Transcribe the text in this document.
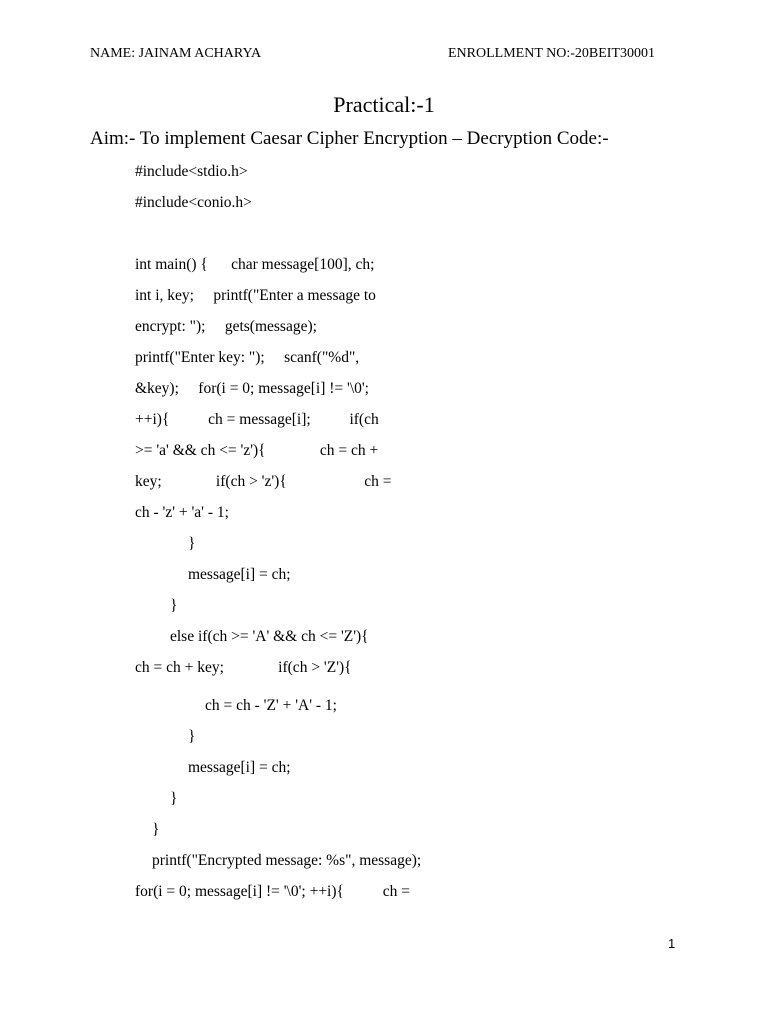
NAME: JAINAM ACHARYA	ENROLLMENT NO:-20BEIT30001
Practical:-1
Aim:- To implement Caesar Cipher Encryption – Decryption Code:-
#include<stdio.h>
#include<conio.h>
int main() {      char message[100], ch;
int i, key;     printf("Enter a message to
encrypt: ");     gets(message);
printf("Enter key: ");     scanf("%d",
&key);     for(i = 0; message[i] != '\0';
++i){          ch = message[i];          if(ch
>= 'a' && ch <= 'z'){              ch = ch +
key;              if(ch > 'z'){                    ch =
ch - 'z' + 'a' - 1;
}
message[i] = ch;
}
else if(ch >= 'A' && ch <= 'Z'){
ch = ch + key;              if(ch > 'Z'){
ch = ch - 'Z' + 'A' - 1;
}
message[i] = ch;
}
}
printf("Encrypted message: %s", message);
for(i = 0; message[i] != '\0'; ++i){          ch =
1
